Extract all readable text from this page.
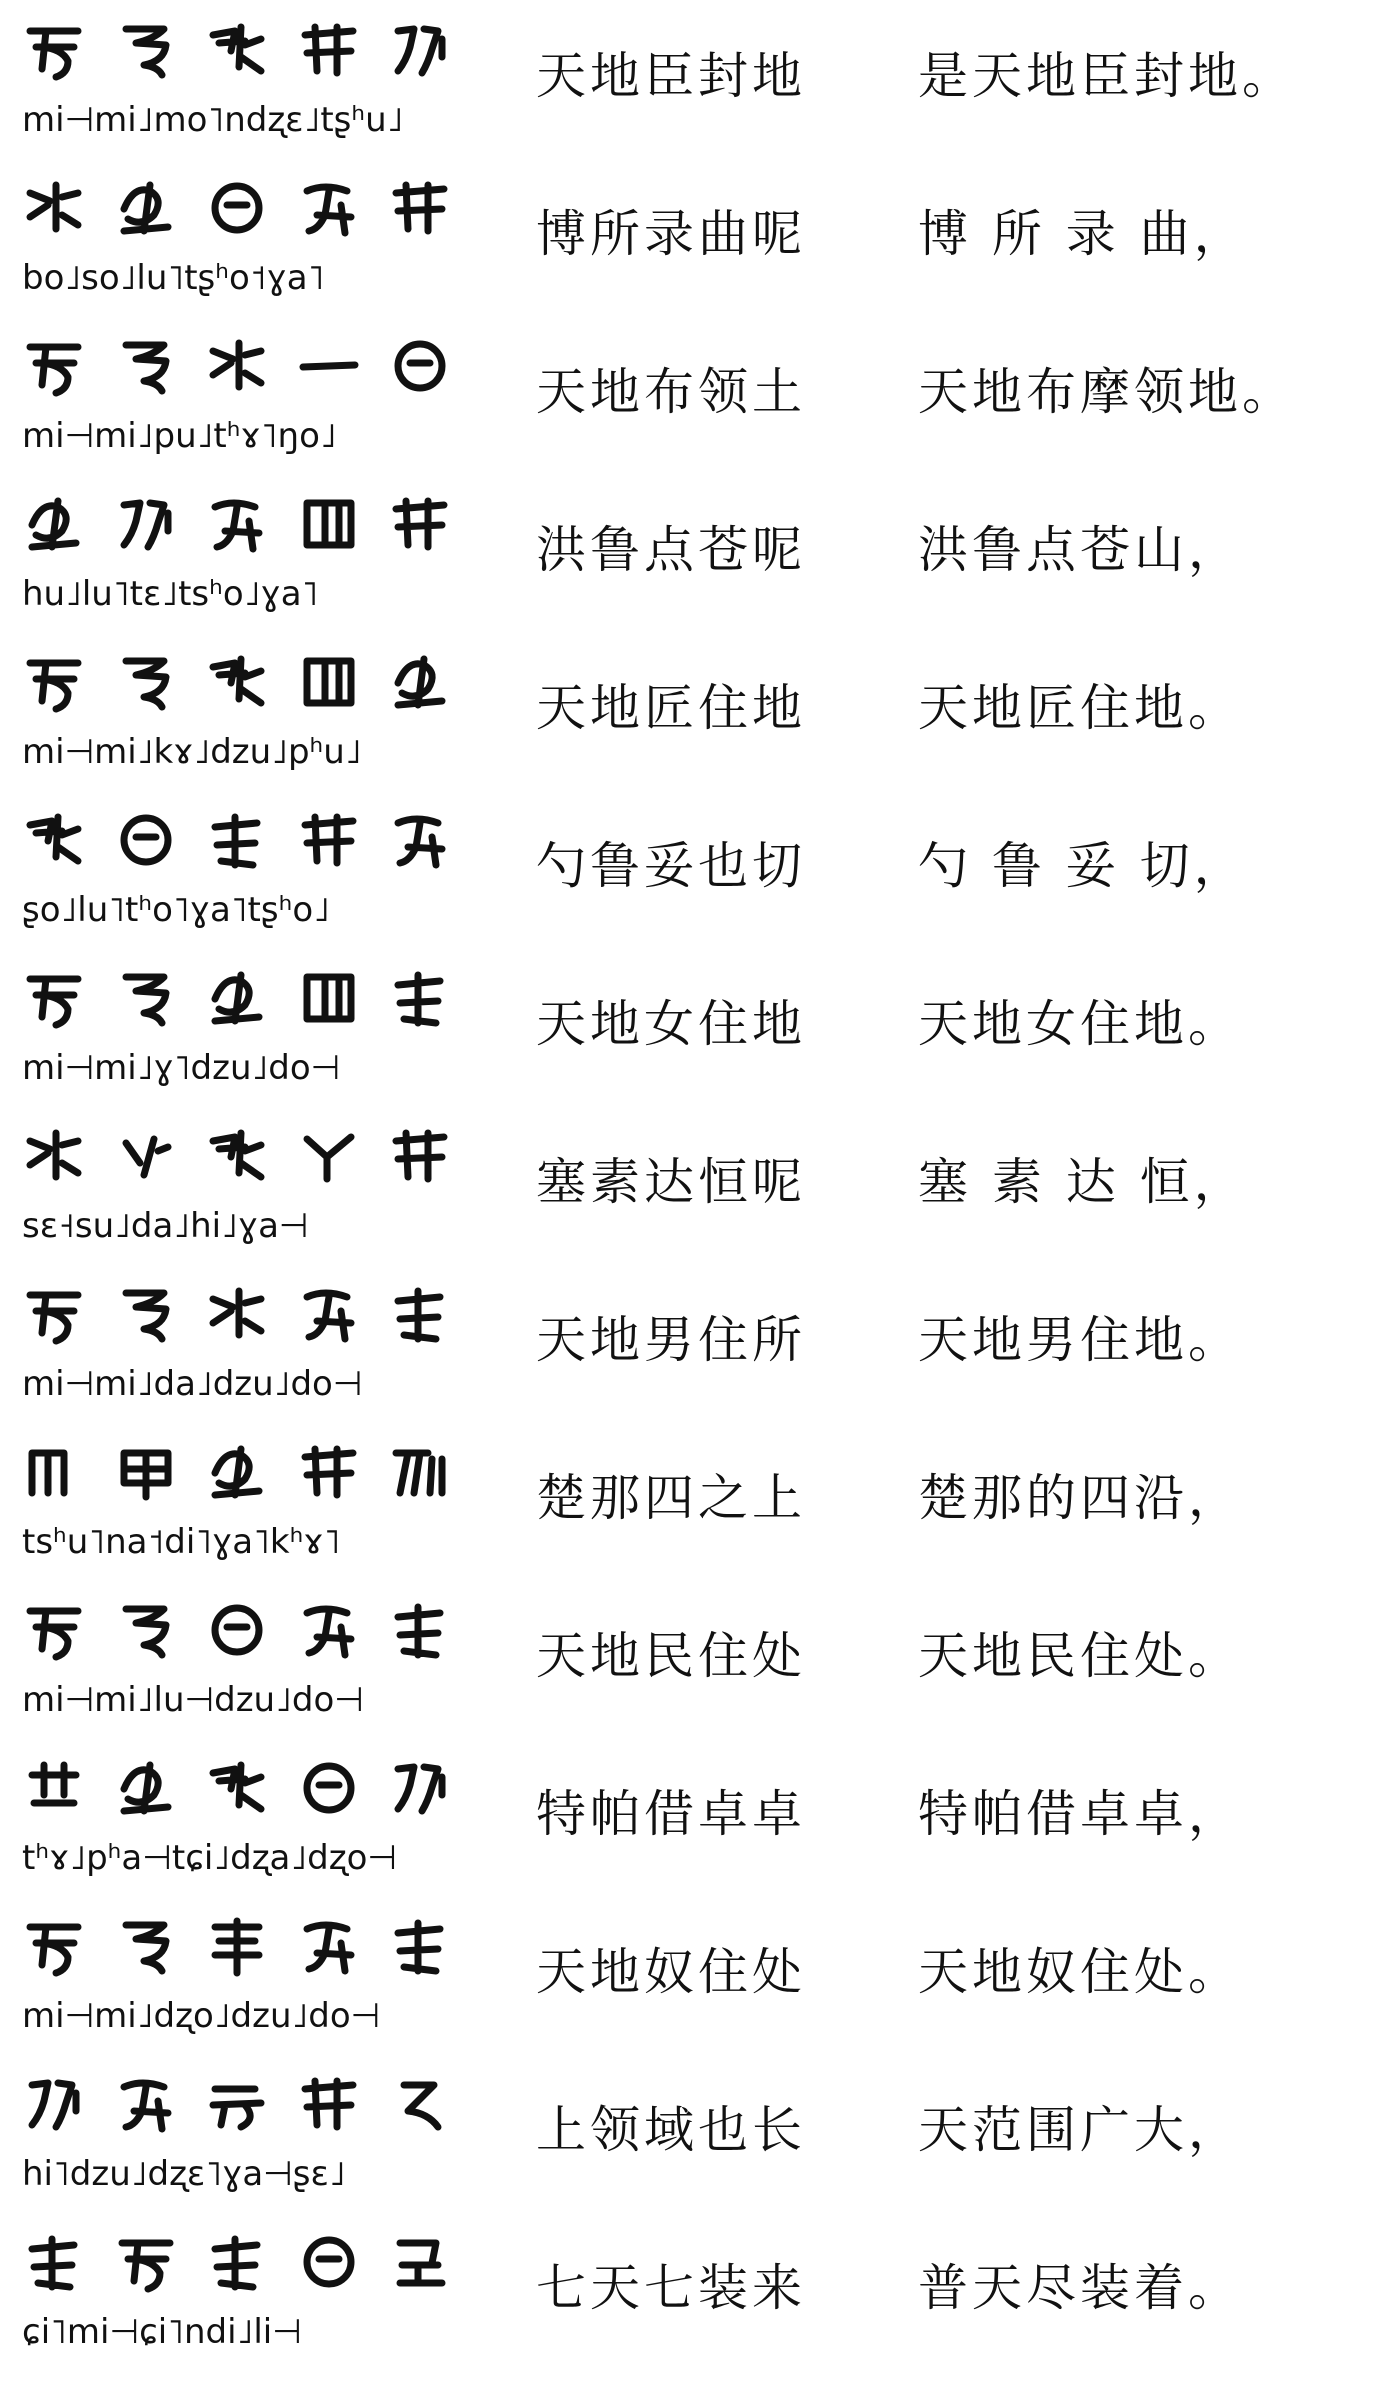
mi⊣mi˩mo˥ndʐɛ˩tʂʰu˩
天地臣封地	是天地臣封地。
bo˩so˩lu˥tʂʰo˦ɣa˥
博所录曲呢	博 所 录 曲，
mi⊣mi˩pu˩tʰɤ˥ŋo˩
天地布领土	天地布摩领地。
hu˩lu˥tɛ˩tsʰo˩ɣa˥
洪鲁点苍呢	洪鲁点苍山，
mi⊣mi˩kɤ˩dzu˩pʰu˩
天地匠住地	天地匠住地。
ʂo˩lu˥tʰo˥ɣa˥tʂʰo˩
勺鲁妥也切	勺 鲁 妥 切，
mi⊣mi˩ɣ˥dzu˩do⊣
天地女住地	天地女住地。
sɛ˧su˩da˩hi˩ɣa⊣
塞素达恒呢	塞 素 达 恒，
mi⊣mi˩da˩dzu˩do⊣
天地男住所	天地男住地。
tsʰu˥na˦di˥ɣa˥kʰɤ˥
楚那四之上	楚那的四沿，
mi⊣mi˩lu⊣dzu˩do⊣
天地民住处	天地民住处。
tʰɤ˩pʰa⊣tɕi˩dʐa˩dʐo⊣
特帕借卓卓	特帕借卓卓，
mi⊣mi˩dʐo˩dzu˩do⊣
天地奴住处	天地奴住处。
hi˥dzu˩dʐɛ˥ɣa⊣ʂɛ˩
上领域也长	天范围广大，
ɕi˥mi⊣ɕi˥ndi˩li⊣
七天七装来	普天尽装着。
